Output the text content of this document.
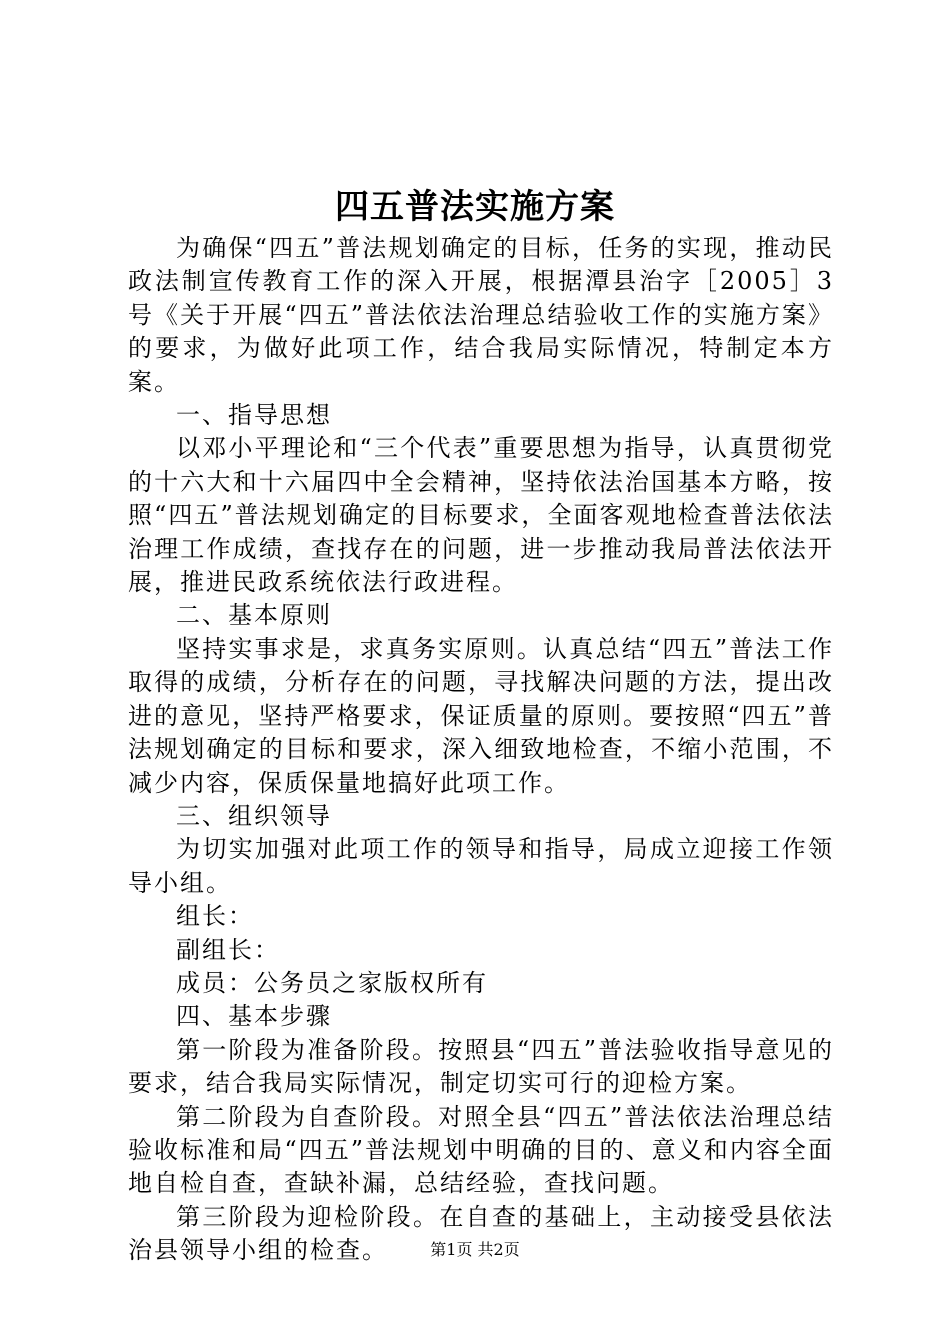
四五普法实施方案

为确保“四五”普法规划确定的目标，任务的实现，推动民政法制宣传教育工作的深入开展，根据潭县治字［2005］3号《关于开展“四五”普法依法治理总结验收工作的实施方案》的要求，为做好此项工作，结合我局实际情况，特制定本方案。

一、指导思想

以邓小平理论和“三个代表”重要思想为指导，认真贯彻党的十六大和十六届四中全会精神，坚持依法治国基本方略，按照“四五”普法规划确定的目标要求，全面客观地检查普法依法治理工作成绩，查找存在的问题，进一步推动我局普法依法开展，推进民政系统依法行政进程。

二、基本原则

坚持实事求是，求真务实原则。认真总结“四五”普法工作取得的成绩，分析存在的问题，寻找解决问题的方法，提出改进的意见，坚持严格要求，保证质量的原则。要按照“四五”普法规划确定的目标和要求，深入细致地检查，不缩小范围，不减少内容，保质保量地搞好此项工作。

三、组织领导

为切实加强对此项工作的领导和指导，局成立迎接工作领导小组。

组长：

副组长：

成员：公务员之家版权所有

四、基本步骤

第一阶段为准备阶段。按照县“四五”普法验收指导意见的要求，结合我局实际情况，制定切实可行的迎检方案。

第二阶段为自查阶段。对照全县“四五”普法依法治理总结验收标准和局“四五”普法规划中明确的目的、意义和内容全面地自检自查，查缺补漏，总结经验，查找问题。

第三阶段为迎检阶段。在自查的基础上，主动接受县依法治县领导小组的检查。	第1页 共2页
